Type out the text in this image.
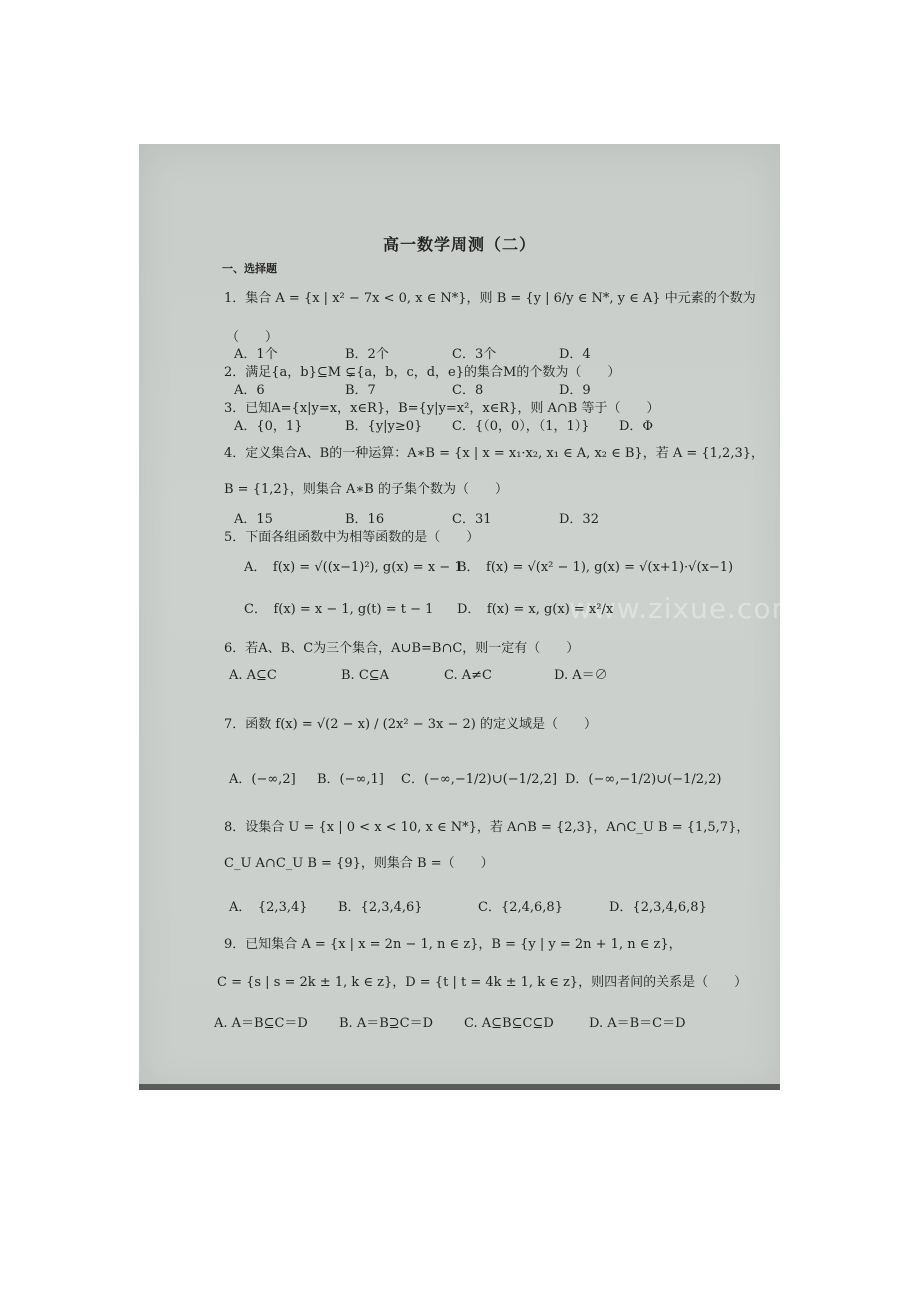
www.zixue.com.cn
高一数学周测（二）
一、选择题
1．集合 A = {x | x² − 7x < 0, x ∈ N*}，则 B = {y | 6/y ∈ N*, y ∈ A} 中元素的个数为
（　　）
A．1个	B．2个	C．3个	D．4
2．满足{a，b}⊆M ⊊{a，b，c，d，e}的集合M的个数为（　　）
A．6	B．7	C．8	D．9
3．已知A={x|y=x，x∈R}，B={y|y=x²，x∈R}，则 A∩B 等于（　　）
A．{0，1}	B．{y|y≥0} C．{（0，0），（1，1）} D．Φ
4．定义集合A、B的一种运算：A∗B = {x | x = x₁·x₂, x₁ ∈ A, x₂ ∈ B}，若 A = {1,2,3}，
B = {1,2}，则集合 A∗B 的子集个数为（　　）
A．15	B．16	C．31	D．32
5．下面各组函数中为相等函数的是（　　）
A．　f(x) = √((x−1)²), g(x) = x − 1
B．　f(x) = √(x² − 1), g(x) = √(x+1)·√(x−1)
C．　f(x) = x − 1, g(t) = t − 1 D．　f(x) = x, g(x) = x²/x
6．若A、B、C为三个集合，A∪B=B∩C，则一定有（　　）
A. A⊆C	B. C⊆A	C. A≠C	D. A＝∅
7．函数 f(x) = √(2 − x) / (2x² − 3x − 2) 的定义域是（　　）
A．(−∞,2] B．(−∞,1] C．(−∞,−1/2)∪(−1/2,2] D．(−∞,−1/2)∪(−1/2,2)
8．设集合 U = {x | 0 < x < 10, x ∈ N*}，若 A∩B = {2,3}，A∩C_U B = {1,5,7}，
C_U A∩C_U B = {9}，则集合 B =（　　）
A．　{2,3,4} B．{2,3,4,6}	C．{2,4,6,8}	D．{2,3,4,6,8}
9．已知集合 A = {x | x = 2n − 1, n ∈ z}，B = {y | y = 2n + 1, n ∈ z}，
C = {s | s = 2k ± 1, k ∈ z}，D = {t | t = 4k ± 1, k ∈ z}，则四者间的关系是（　　）
A. A＝B⊆C＝D B. A＝B⊇C＝D C. A⊆B⊆C⊆D	D. A＝B＝C＝D
